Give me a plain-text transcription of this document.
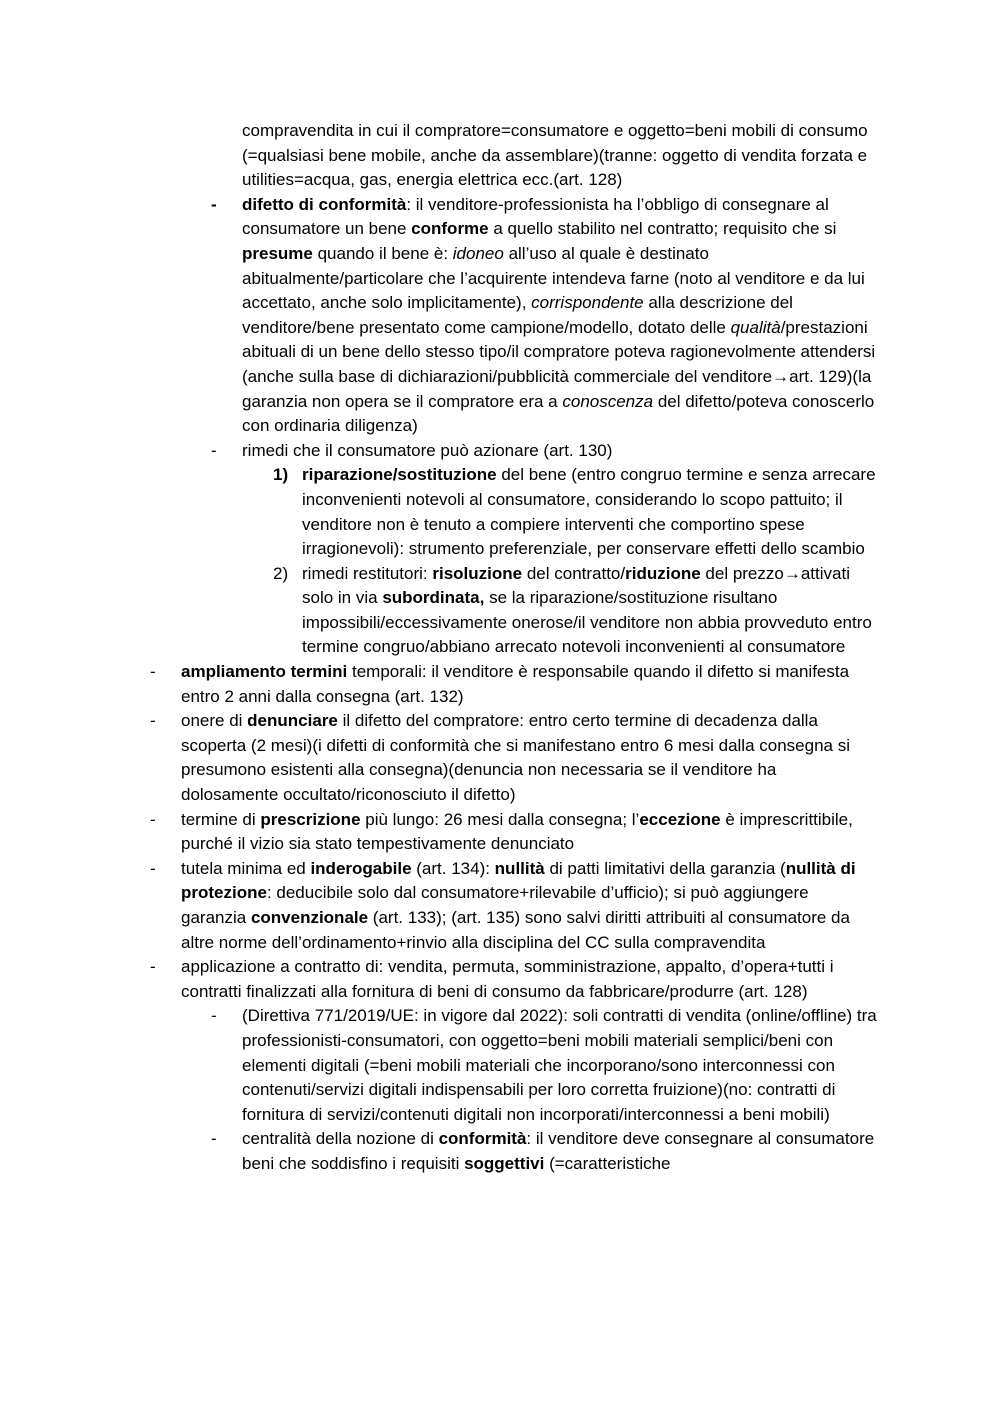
compravendita in cui il compratore=consumatore e oggetto=beni mobili di consumo (=qualsiasi bene mobile, anche da assemblare)(tranne: oggetto di vendita forzata e utilities=acqua, gas, energia elettrica ecc.(art. 128)
- difetto di conformità: il venditore-professionista ha l’obbligo di consegnare al consumatore un bene conforme a quello stabilito nel contratto; requisito che si presume quando il bene è: idoneo all’uso al quale è destinato abitualmente/particolare che l’acquirente intendeva farne (noto al venditore e da lui accettato, anche solo implicitamente), corrispondente alla descrizione del venditore/bene presentato come campione/modello, dotato delle qualità/prestazioni abituali di un bene dello stesso tipo/il compratore poteva ragionevolmente attendersi (anche sulla base di dichiarazioni/pubblicità commerciale del venditore→art. 129)(la garanzia non opera se il compratore era a conoscenza del difetto/poteva conoscerlo con ordinaria diligenza)
- rimedi che il consumatore può azionare (art. 130)
1) riparazione/sostituzione del bene (entro congruo termine e senza arrecare inconvenienti notevoli al consumatore, considerando lo scopo pattuito; il venditore non è tenuto a compiere interventi che comportino spese irragionevoli): strumento preferenziale, per conservare effetti dello scambio
2) rimedi restitutori: risoluzione del contratto/riduzione del prezzo→attivati solo in via subordinata, se la riparazione/sostituzione risultano impossibili/eccessivamente onerose/il venditore non abbia provveduto entro termine congruo/abbiano arrecato notevoli inconvenienti al consumatore
- ampliamento termini temporali: il venditore è responsabile quando il difetto si manifesta entro 2 anni dalla consegna (art. 132)
- onere di denunciare il difetto del compratore: entro certo termine di decadenza dalla scoperta (2 mesi)(i difetti di conformità che si manifestano entro 6 mesi dalla consegna si presumono esistenti alla consegna)(denuncia non necessaria se il venditore ha dolosamente occultato/riconosciuto il difetto)
- termine di prescrizione più lungo: 26 mesi dalla consegna; l’eccezione è imprescrittibile, purché il vizio sia stato tempestivamente denunciato
- tutela minima ed inderogabile (art. 134): nullità di patti limitativi della garanzia (nullità di protezione: deducibile solo dal consumatore+rilevabile d’ufficio); si può aggiungere garanzia convenzionale (art. 133); (art. 135) sono salvi diritti attribuiti al consumatore da altre norme dell’ordinamento+rinvio alla disciplina del CC sulla compravendita
- applicazione a contratto di: vendita, permuta, somministrazione, appalto, d’opera+tutti i contratti finalizzati alla fornitura di beni di consumo da fabbricare/produrre (art. 128)
- (Direttiva 771/2019/UE: in vigore dal 2022): soli contratti di vendita (online/offline) tra professionisti-consumatori, con oggetto=beni mobili materiali semplici/beni con elementi digitali (=beni mobili materiali che incorporano/sono interconnessi con contenuti/servizi digitali indispensabili per loro corretta fruizione)(no: contratti di fornitura di servizi/contenuti digitali non incorporati/interconnessi a beni mobili)
- centralità della nozione di conformità: il venditore deve consegnare al consumatore beni che soddisfino i requisiti soggettivi (=caratteristiche
